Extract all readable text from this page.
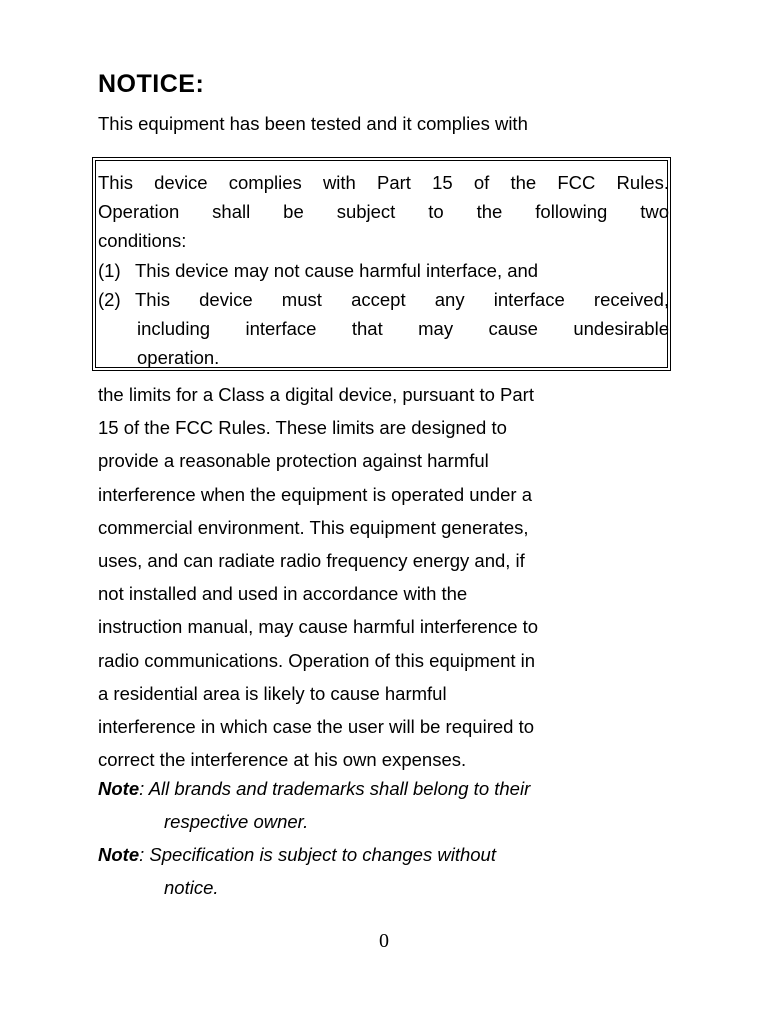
NOTICE:

This equipment has been tested and it complies with

This device complies with Part 15 of the FCC Rules.
Operation shall be subject to the following two
conditions:
(1) This device may not cause harmful interface, and
(2) This device must accept any interface received,
including interface that may cause undesirable
operation.
the limits for a Class a digital device, pursuant to Part
15 of the FCC Rules. These limits are designed to
provide a reasonable protection against harmful
interference when the equipment is operated under a
commercial environment. This equipment generates,
uses, and can radiate radio frequency energy and, if
not installed and used in accordance with the
instruction manual, may cause harmful interference to
radio communications. Operation of this equipment in
a residential area is likely to cause harmful
interference in which case the user will be required to
correct the interference at his own expenses.
Note: All brands and trademarks shall belong to their
respective owner.
Note: Specification is subject to changes without
notice.

0
